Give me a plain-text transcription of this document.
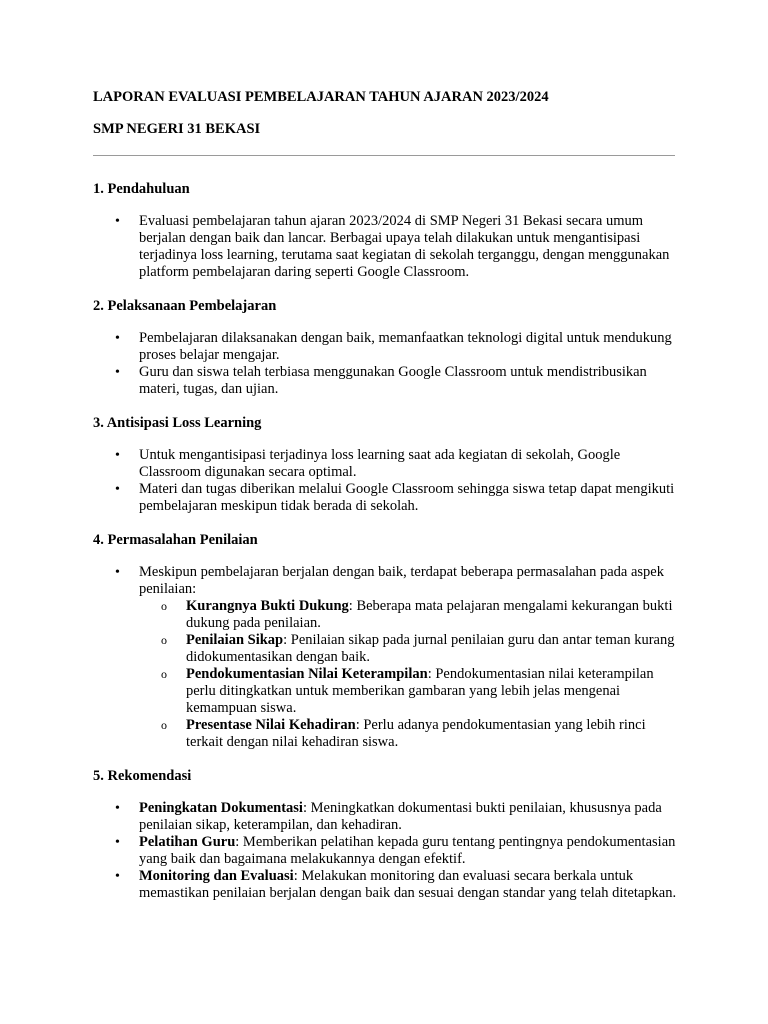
LAPORAN EVALUASI PEMBELAJARAN TAHUN AJARAN 2023/2024

SMP NEGERI 31 BEKASI

1. Pendahuluan

• Evaluasi pembelajaran tahun ajaran 2023/2024 di SMP Negeri 31 Bekasi secara umum berjalan dengan baik dan lancar. Berbagai upaya telah dilakukan untuk mengantisipasi terjadinya loss learning, terutama saat kegiatan di sekolah terganggu, dengan menggunakan platform pembelajaran daring seperti Google Classroom.

2. Pelaksanaan Pembelajaran

• Pembelajaran dilaksanakan dengan baik, memanfaatkan teknologi digital untuk mendukung proses belajar mengajar.
• Guru dan siswa telah terbiasa menggunakan Google Classroom untuk mendistribusikan materi, tugas, dan ujian.

3. Antisipasi Loss Learning

• Untuk mengantisipasi terjadinya loss learning saat ada kegiatan di sekolah, Google Classroom digunakan secara optimal.
• Materi dan tugas diberikan melalui Google Classroom sehingga siswa tetap dapat mengikuti pembelajaran meskipun tidak berada di sekolah.

4. Permasalahan Penilaian

• Meskipun pembelajaran berjalan dengan baik, terdapat beberapa permasalahan pada aspek penilaian:
o Kurangnya Bukti Dukung: Beberapa mata pelajaran mengalami kekurangan bukti dukung pada penilaian.
o Penilaian Sikap: Penilaian sikap pada jurnal penilaian guru dan antar teman kurang didokumentasikan dengan baik.
o Pendokumentasian Nilai Keterampilan: Pendokumentasian nilai keterampilan perlu ditingkatkan untuk memberikan gambaran yang lebih jelas mengenai kemampuan siswa.
o Presentase Nilai Kehadiran: Perlu adanya pendokumentasian yang lebih rinci terkait dengan nilai kehadiran siswa.

5. Rekomendasi

• Peningkatan Dokumentasi: Meningkatkan dokumentasi bukti penilaian, khususnya pada penilaian sikap, keterampilan, dan kehadiran.
• Pelatihan Guru: Memberikan pelatihan kepada guru tentang pentingnya pendokumentasian yang baik dan bagaimana melakukannya dengan efektif.
• Monitoring dan Evaluasi: Melakukan monitoring dan evaluasi secara berkala untuk memastikan penilaian berjalan dengan baik dan sesuai dengan standar yang telah ditetapkan.
